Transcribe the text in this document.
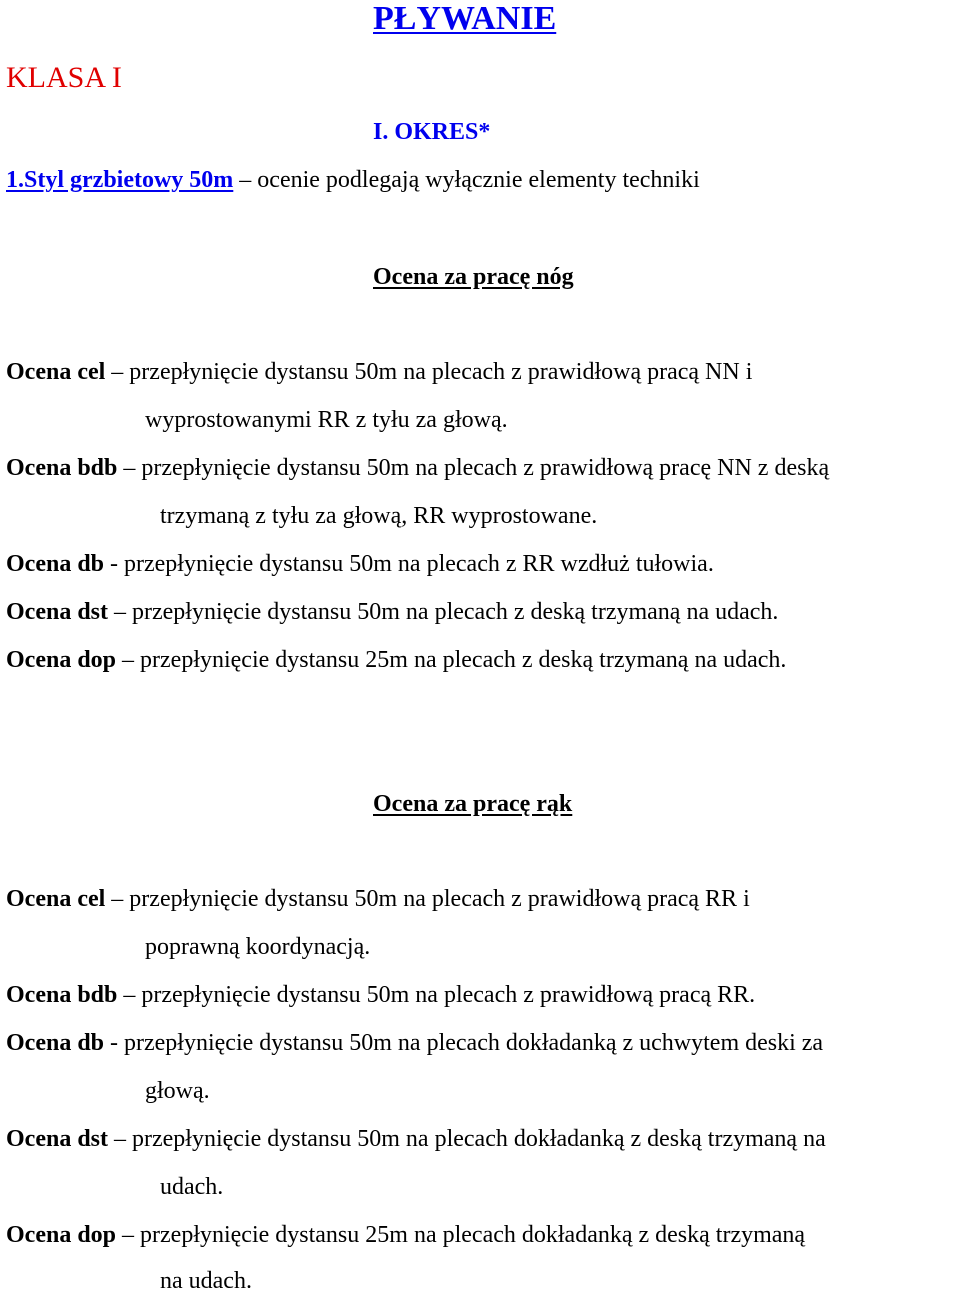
PŁYWANIE
KLASA I
I. OKRES*
1.Styl grzbietowy 50m – ocenie podlegają wyłącznie elementy techniki
Ocena za pracę nóg
Ocena cel – przepłynięcie dystansu 50m na plecach z prawidłową pracą NN i
wyprostowanymi RR z tyłu za głową.
Ocena bdb – przepłynięcie dystansu 50m na plecach z prawidłową pracę NN z deską
trzymaną z tyłu za głową, RR wyprostowane.
Ocena db - przepłynięcie dystansu 50m na plecach z RR wzdłuż tułowia.
Ocena dst – przepłynięcie dystansu 50m na plecach z deską trzymaną na udach.
Ocena dop – przepłynięcie dystansu 25m na plecach z deską trzymaną na udach.
Ocena za pracę rąk
Ocena cel – przepłynięcie dystansu 50m na plecach z prawidłową pracą RR i
poprawną koordynacją.
Ocena bdb – przepłynięcie dystansu 50m na plecach z prawidłową pracą RR.
Ocena db - przepłynięcie dystansu 50m na plecach dokładanką z uchwytem deski za
głową.
Ocena dst – przepłynięcie dystansu 50m na plecach dokładanką z deską trzymaną na
udach.
Ocena dop – przepłynięcie dystansu 25m na plecach dokładanką z deską trzymaną
na udach.
